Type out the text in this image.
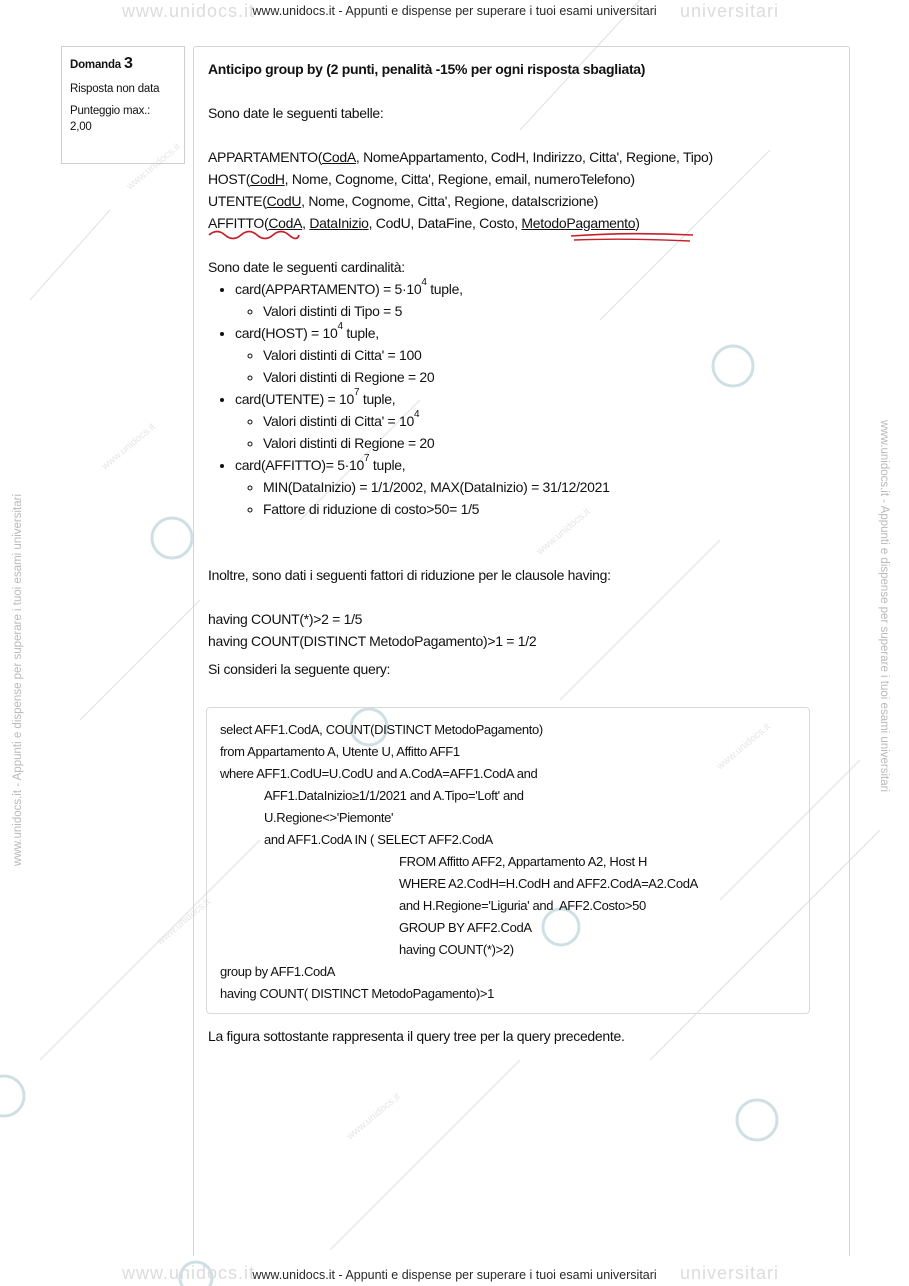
www.unidocs.it
www.unidocs.it
www.unidocs.it
www.unidocs.it
www.unidocs.it
www.unidocs.it
www.unidocs.it	universitari
www.unidocs.it	universitari
www.unidocs.it - Appunti e dispense per superare i tuoi esami universitari
www.unidocs.it - Appunti e dispense per superare i tuoi esami universitari
www.unidocs.it - Appunti e dispense per superare i tuoi esami universitari	www.unidocs.it - Appunti e dispense per superare i tuoi esami universitari
Domanda 3
Risposta non data
Punteggio max.:
2,00

Anticipo group by (2 punti, penalità -15% per ogni risposta sbagliata)

Sono date le seguenti tabelle:

APPARTAMENTO(CodA, NomeAppartamento, CodH, Indirizzo, Citta', Regione, Tipo)

HOST(CodH, Nome, Cognome, Citta', Regione, email, numeroTelefono)

UTENTE(CodU, Nome, Cognome, Citta', Regione, dataIscrizione)

AFFITTO(CodA, DataInizio, CodU, DataFine, Costo, MetodoPagamento)

Sono date le seguenti cardinalità:

• card(APPARTAMENTO) = $5\cdot 10^4$ tuple,
◦ Valori distinti di Tipo = 5
• card(HOST) = $10^4$ tuple,
◦ Valori distinti di Citta' = 100
◦ Valori distinti di Regione = 20
• card(UTENTE) = $10^7$ tuple,
◦ Valori distinti di Citta' = $10^4$
◦ Valori distinti di Regione = 20
• card(AFFITTO)= $5\cdot 10^7$ tuple,
◦ MIN(DataInizio) = 1/1/2002, MAX(DataInizio) = 31/12/2021
◦ Fattore di riduzione di costo>50= 1/5

Inoltre, sono dati i seguenti fattori di riduzione per le clausole having:

having COUNT(*)>2 = 1/5

having COUNT(DISTINCT MetodoPagamento)>1 = 1/2

Si consideri la seguente query:

select AFF1.CodA, COUNT(DISTINCT MetodoPagamento)
from Appartamento A, Utente U, Affitto AFF1
where AFF1.CodU=U.CodU and A.CodA=AFF1.CodA and
AFF1.DataInizio≥1/1/2021 and A.Tipo='Loft' and
U.Regione<>'Piemonte'
and AFF1.CodA IN ( SELECT AFF2.CodA
FROM Affitto AFF2, Appartamento A2, Host H
WHERE A2.CodH=H.CodH and AFF2.CodA=A2.CodA
and H.Regione='Liguria' and  AFF2.Costo>50
GROUP BY AFF2.CodA
having COUNT(*)>2)
group by AFF1.CodA
having COUNT( DISTINCT MetodoPagamento)>1

La figura sottostante rappresenta il query tree per la query precedente.
